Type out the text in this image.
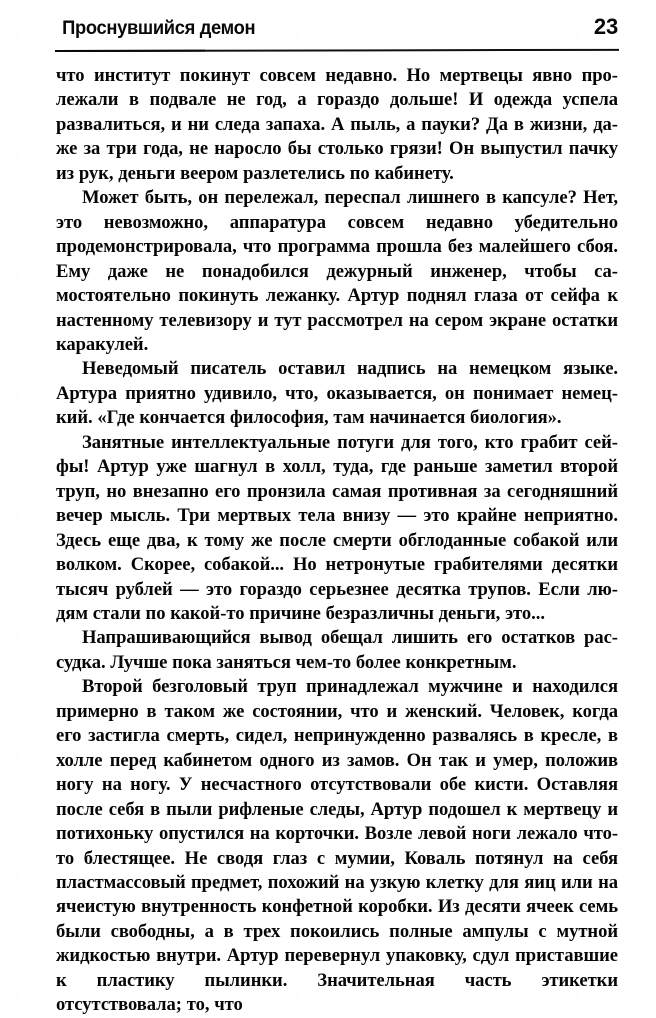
Проснувшийся демон	23

что институт покинут совсем недавно. Но мертвецы явно пролежали в подвале не год, а гораздо дольше! И одежда успела развалиться, и ни следа запаха. А пыль, а пауки? Да в жизни, даже за три года, не наросло бы столько грязи! Он выпустил пачку из рук, деньги веером разлетелись по кабинету.

Может быть, он перележал, переспал лишнего в капсуле? Нет, это невозможно, аппаратура совсем недавно убедительно продемонстрировала, что программа прошла без малейшего сбоя. Ему даже не понадобился дежурный инженер, чтобы самостоятельно покинуть лежанку. Артур поднял глаза от сейфа к настенному телевизору и тут рассмотрел на сером экране остатки каракулей.

Неведомый писатель оставил надпись на немецком языке. Артура приятно удивило, что, оказывается, он понимает немецкий. «Где кончается философия, там начинается биология».

Занятные интеллектуальные потуги для того, кто грабит сейфы! Артур уже шагнул в холл, туда, где раньше заметил второй труп, но внезапно его пронзила самая противная за сегодняшний вечер мысль. Три мертвых тела внизу — это крайне неприятно. Здесь еще два, к тому же после смерти обглоданные собакой или волком. Скорее, собакой... Но нетронутые грабителями десятки тысяч рублей — это гораздо серьезнее десятка трупов. Если людям стали по какой-то причине безразличны деньги, это...

Напрашивающийся вывод обещал лишить его остатков рассудка. Лучше пока заняться чем-то более конкретным.

Второй безголовый труп принадлежал мужчине и находился примерно в таком же состоянии, что и женский. Человек, когда его застигла смерть, сидел, непринужденно развалясь в кресле, в холле перед кабинетом одного из замов. Он так и умер, положив ногу на ногу. У несчастного отсутствовали обе кисти. Оставляя после себя в пыли рифленые следы, Артур подошел к мертвецу и потихоньку опустился на корточки. Возле левой ноги лежало что-то блестящее. Не сводя глаз с мумии, Коваль потянул на себя пластмассовый предмет, похожий на узкую клетку для яиц или на ячеистую внутренность конфетной коробки. Из десяти ячеек семь были свободны, а в трех покоились полные ампулы с мутной жидкостью внутри. Артур перевернул упаковку, сдул приставшие к пластику пылинки. Значительная часть этикетки отсутствовала; то, что
